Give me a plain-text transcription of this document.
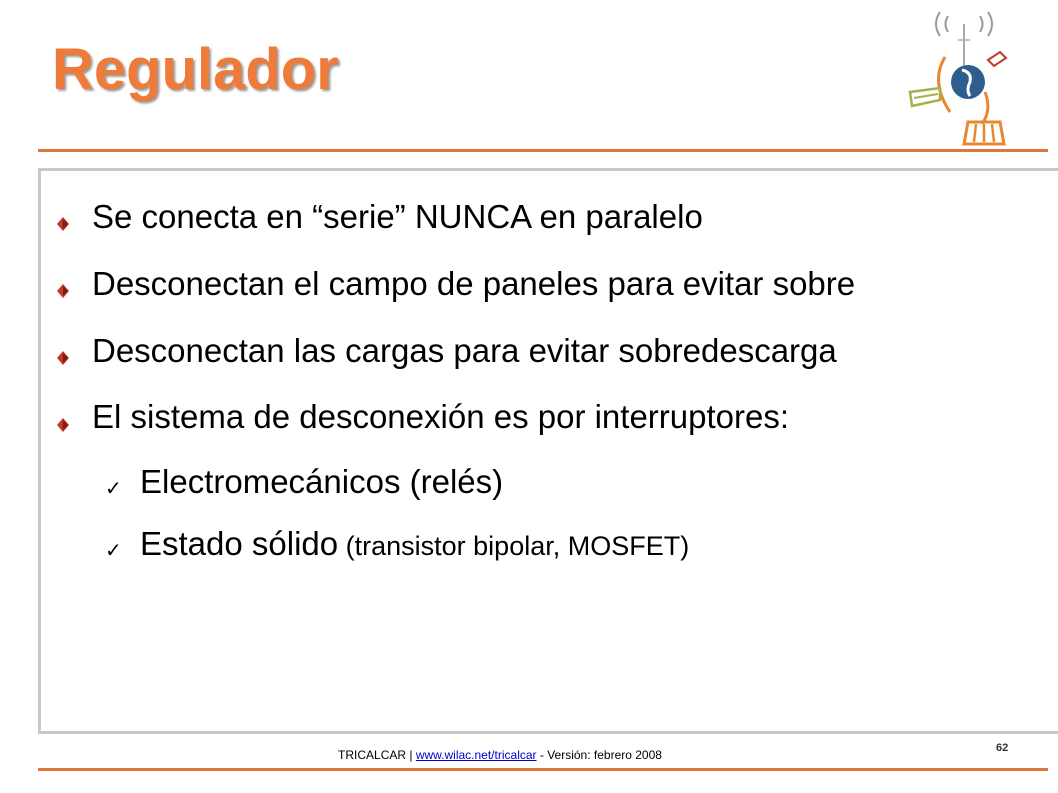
Regulador
Se conecta en “serie” NUNCA en paralelo
Desconectan el campo de paneles para evitar sobre
Desconectan las cargas para evitar sobredescarga
El sistema de desconexión es por interruptores:
✓ Electromecánicos (relés)
✓ Estado sólido (transistor bipolar, MOSFET)
TRICALCAR | www.wilac.net/tricalcar - Versión: febrero 2008	62
